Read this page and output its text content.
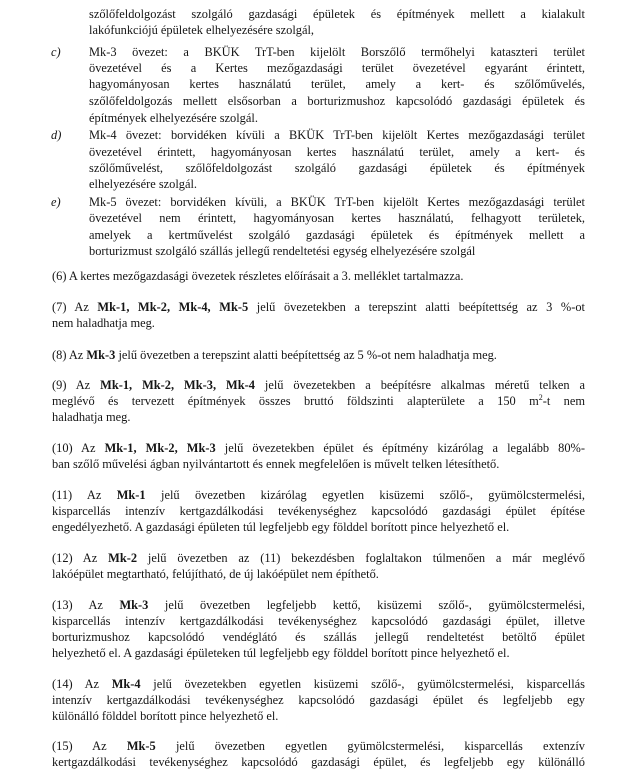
szőlőfeldolgozást szolgáló gazdasági épületek és építmények mellett a kialakult
lakófunkciójú épületek elhelyezésére szolgál,
c) Mk-3 övezet: a BKÜK TrT-ben kijelölt Borszőlő termőhelyi kataszteri terület
övezetével és a Kertes mezőgazdasági terület övezetével egyaránt érintett,
hagyományosan kertes használatú terület, amely a kert- és szőlőművelés,
szőlőfeldolgozás mellett elsősorban a borturizmushoz kapcsolódó gazdasági épületek és
építmények elhelyezésére szolgál.
d) Mk-4 övezet: borvidéken kívüli a BKÜK TrT-ben kijelölt Kertes mezőgazdasági terület
övezetével érintett, hagyományosan kertes használatú terület, amely a kert- és
szőlőművelést, szőlőfeldolgozást szolgáló gazdasági épületek és építmények
elhelyezésére szolgál.
e) Mk-5 övezet: borvidéken kívüli, a BKÜK TrT-ben kijelölt Kertes mezőgazdasági terület
övezetével nem érintett, hagyományosan kertes használatú, felhagyott területek,
amelyek a kertművelést szolgáló gazdasági épületek és építmények mellett a
borturizmust szolgáló szállás jellegű rendeltetési egység elhelyezésére szolgál
(6) A kertes mezőgazdasági övezetek részletes előírásait a 3. melléklet tartalmazza.
(7) Az Mk-1, Mk-2, Mk-4, Mk-5 jelű övezetekben a terepszint alatti beépítettség az 3 %-ot
nem haladhatja meg.
(8) Az Mk-3 jelű övezetben a terepszint alatti beépítettség az 5 %-ot nem haladhatja meg.
(9) Az Mk-1, Mk-2, Mk-3, Mk-4 jelű övezetekben a beépítésre alkalmas méretű telken a
meglévő és tervezett építmények összes bruttó földszinti alapterülete a 150 $m^2-t$ nem
haladhatja meg.
(10) Az Mk-1, Mk-2, Mk-3 jelű övezetekben épület és építmény kizárólag a legalább 80%-
ban szőlő művelési ágban nyilvántartott és ennek megfelelően is művelt telken létesíthető.
(11) Az Mk-1 jelű övezetben kizárólag egyetlen kisüzemi szőlő-, gyümölcstermelési,
kisparcellás intenzív kertgazdálkodási tevékenységhez kapcsolódó gazdasági épület építése
engedélyezhető. A gazdasági épületen túl legfeljebb egy földdel borított pince helyezhető el.
(12) Az Mk-2 jelű övezetben az (11) bekezdésben foglaltakon túlmenően a már meglévő
lakóépület megtartható, felújítható, de új lakóépület nem építhető.
(13) Az Mk-3 jelű övezetben legfeljebb kettő, kisüzemi szőlő-, gyümölcstermelési,
kisparcellás intenzív kertgazdálkodási tevékenységhez kapcsolódó gazdasági épület, illetve
borturizmushoz kapcsolódó vendéglátó és szállás jellegű rendeltetést betöltő épület
helyezhető el. A gazdasági épületeken túl legfeljebb egy földdel borított pince helyezhető el.
(14) Az Mk-4 jelű övezetekben egyetlen kisüzemi szőlő-, gyümölcstermelési, kisparcellás
intenzív kertgazdálkodási tevékenységhez kapcsolódó gazdasági épület és legfeljebb egy
különálló földdel borított pince helyezhető el.
(15) Az Mk-5 jelű övezetben egyetlen gyümölcstermelési, kisparcellás extenzív
kertgazdálkodási tevékenységhez kapcsolódó gazdasági épület, és legfeljebb egy különálló
